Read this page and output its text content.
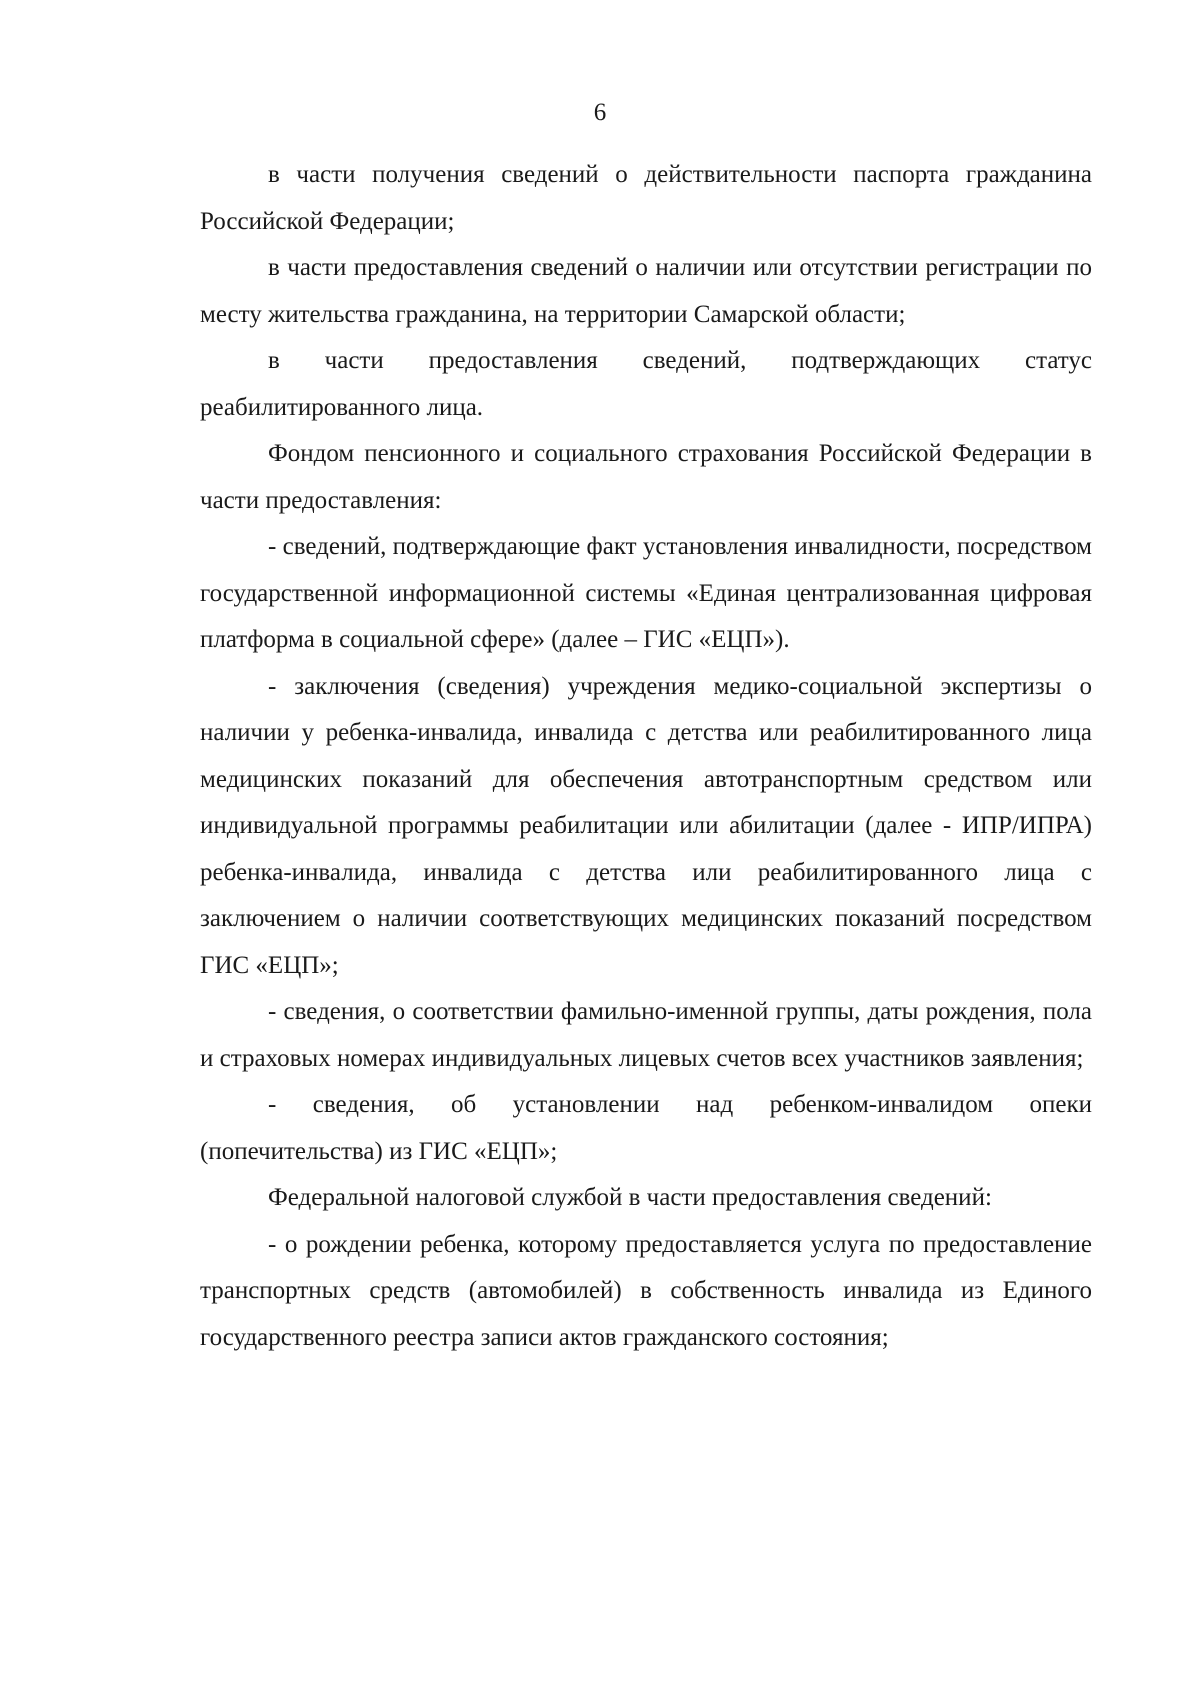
6

в части получения сведений о действительности паспорта гражданина Российской Федерации;

в части предоставления сведений о наличии или отсутствии регистрации по месту жительства гражданина, на территории Самарской области;

в части предоставления сведений, подтверждающих статус реабилитированного лица.

Фондом пенсионного и социального страхования Российской Федерации в части предоставления:

- сведений, подтверждающие факт установления инвалидности, посредством государственной информационной системы «Единая централизованная цифровая платформа в социальной сфере» (далее – ГИС «ЕЦП»).

- заключения (сведения) учреждения медико-социальной экспертизы о наличии у ребенка-инвалида, инвалида с детства или реабилитированного лица медицинских показаний для обеспечения автотранспортным средством или индивидуальной программы реабилитации или абилитации (далее - ИПР/ИПРА) ребенка-инвалида, инвалида с детства или реабилитированного лица с заключением о наличии соответствующих медицинских показаний посредством ГИС «ЕЦП»;

- сведения, о соответствии фамильно-именной группы, даты рождения, пола и страховых номерах индивидуальных лицевых счетов всех участников заявления;

- сведения, об установлении над ребенком-инвалидом опеки (попечительства) из ГИС «ЕЦП»;

Федеральной налоговой службой в части предоставления сведений:

- о рождении ребенка, которому предоставляется услуга по предоставление транспортных средств (автомобилей) в собственность инвалида из Единого государственного реестра записи актов гражданского состояния;
